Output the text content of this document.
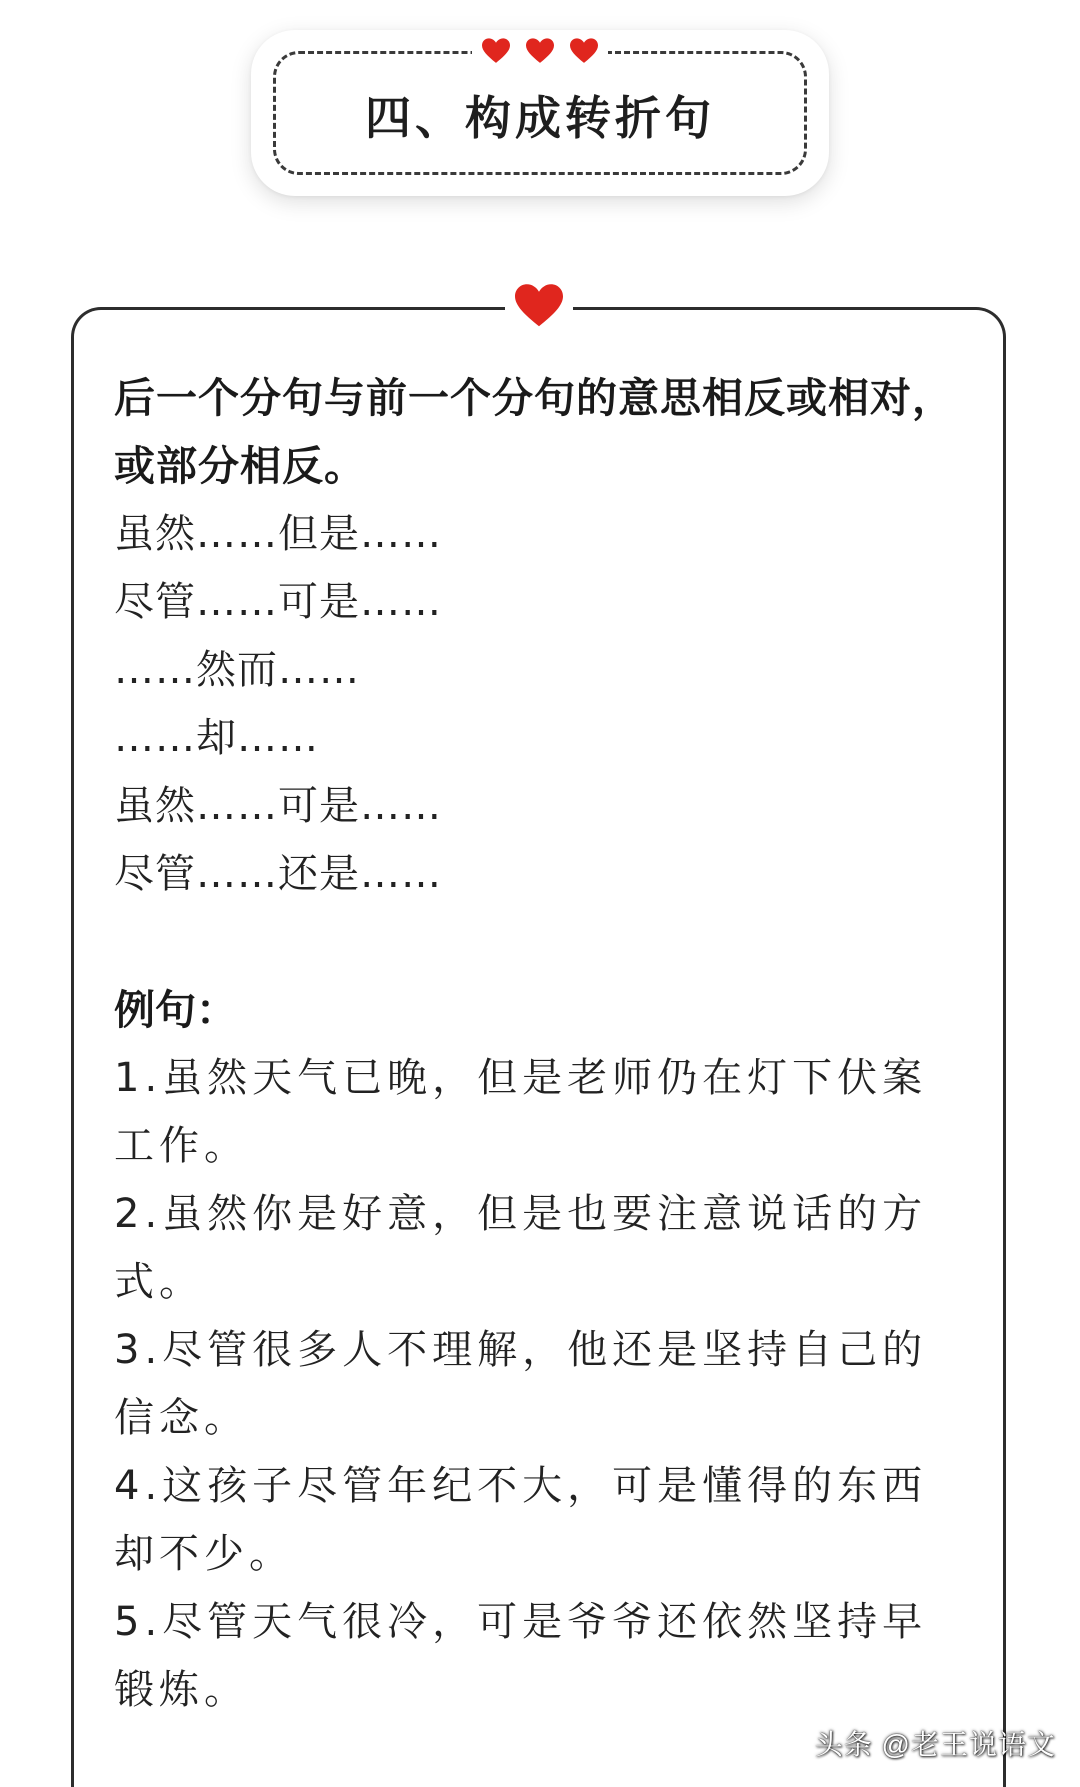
四、构成转折句

后一个分句与前一个分句的意思相反或相对，或部分相反。

虽然……但是……
尽管……可是……
……然而……
……却……
虽然……可是……
尽管……还是……
例句：
1.虽然天气已晚，但是老师仍在灯下伏案工作。
2.虽然你是好意，但是也要注意说话的方式。
3.尽管很多人不理解，他还是坚持自己的信念。
4.这孩子尽管年纪不大，可是懂得的东西却不少。
5.尽管天气很冷，可是爷爷还依然坚持早锻炼。
头条 @老王说语文
